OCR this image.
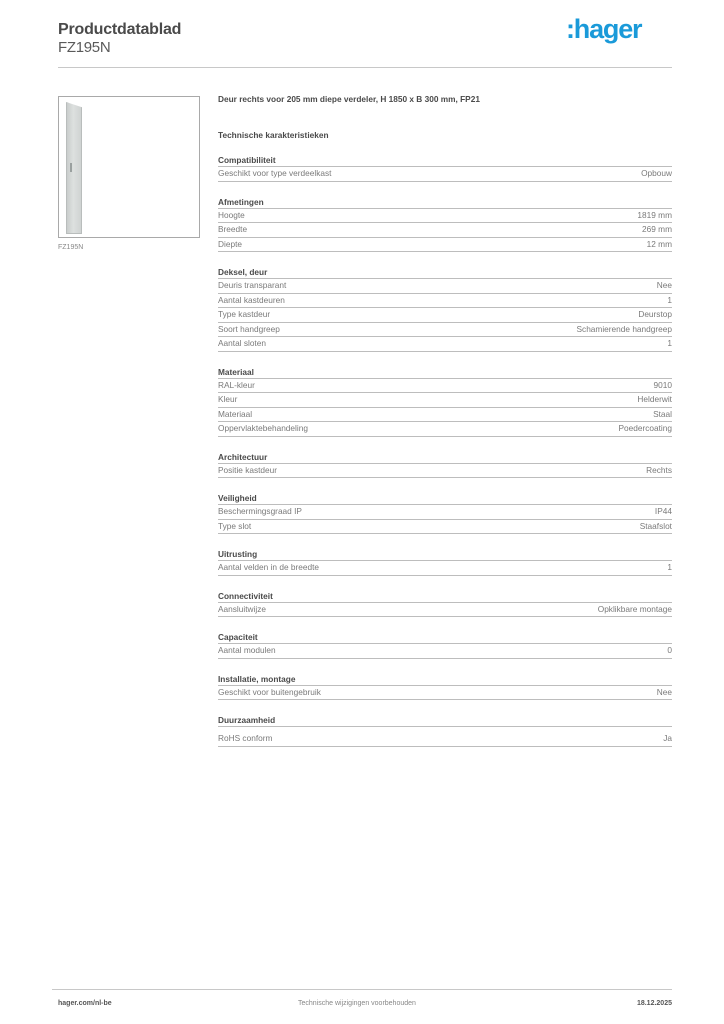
Productdatablad
FZ195N
:hager
FZ195N
Deur rechts voor 205 mm diepe verdeler, H 1850 x B 300 mm, FP21
Technische karakteristieken
Compatibiliteit
Geschikt voor type verdeelkast	Opbouw
Afmetingen
Hoogte	1819 mm
Breedte	269 mm
Diepte	12 mm
Deksel, deur
Deuris transparant	Nee
Aantal kastdeuren	1
Type kastdeur	Deurstop
Soort handgreep	Schamierende handgreep
Aantal sloten	1
Materiaal
RAL-kleur	9010
Kleur	Helderwit
Materiaal	Staal
Oppervlaktebehandeling	Poedercoating
Architectuur
Positie kastdeur	Rechts
Veiligheid
Beschermingsgraad IP	IP44
Type slot	Staafslot
Uitrusting
Aantal velden in de breedte	1
Connectiviteit
Aansluitwijze	Opklikbare montage
Capaciteit
Aantal modulen	0
Installatie, montage
Geschikt voor buitengebruik	Nee
Duurzaamheid
RoHS conform	Ja
hager.com/nl-be	Technische wijzigingen voorbehouden	18.12.2025
